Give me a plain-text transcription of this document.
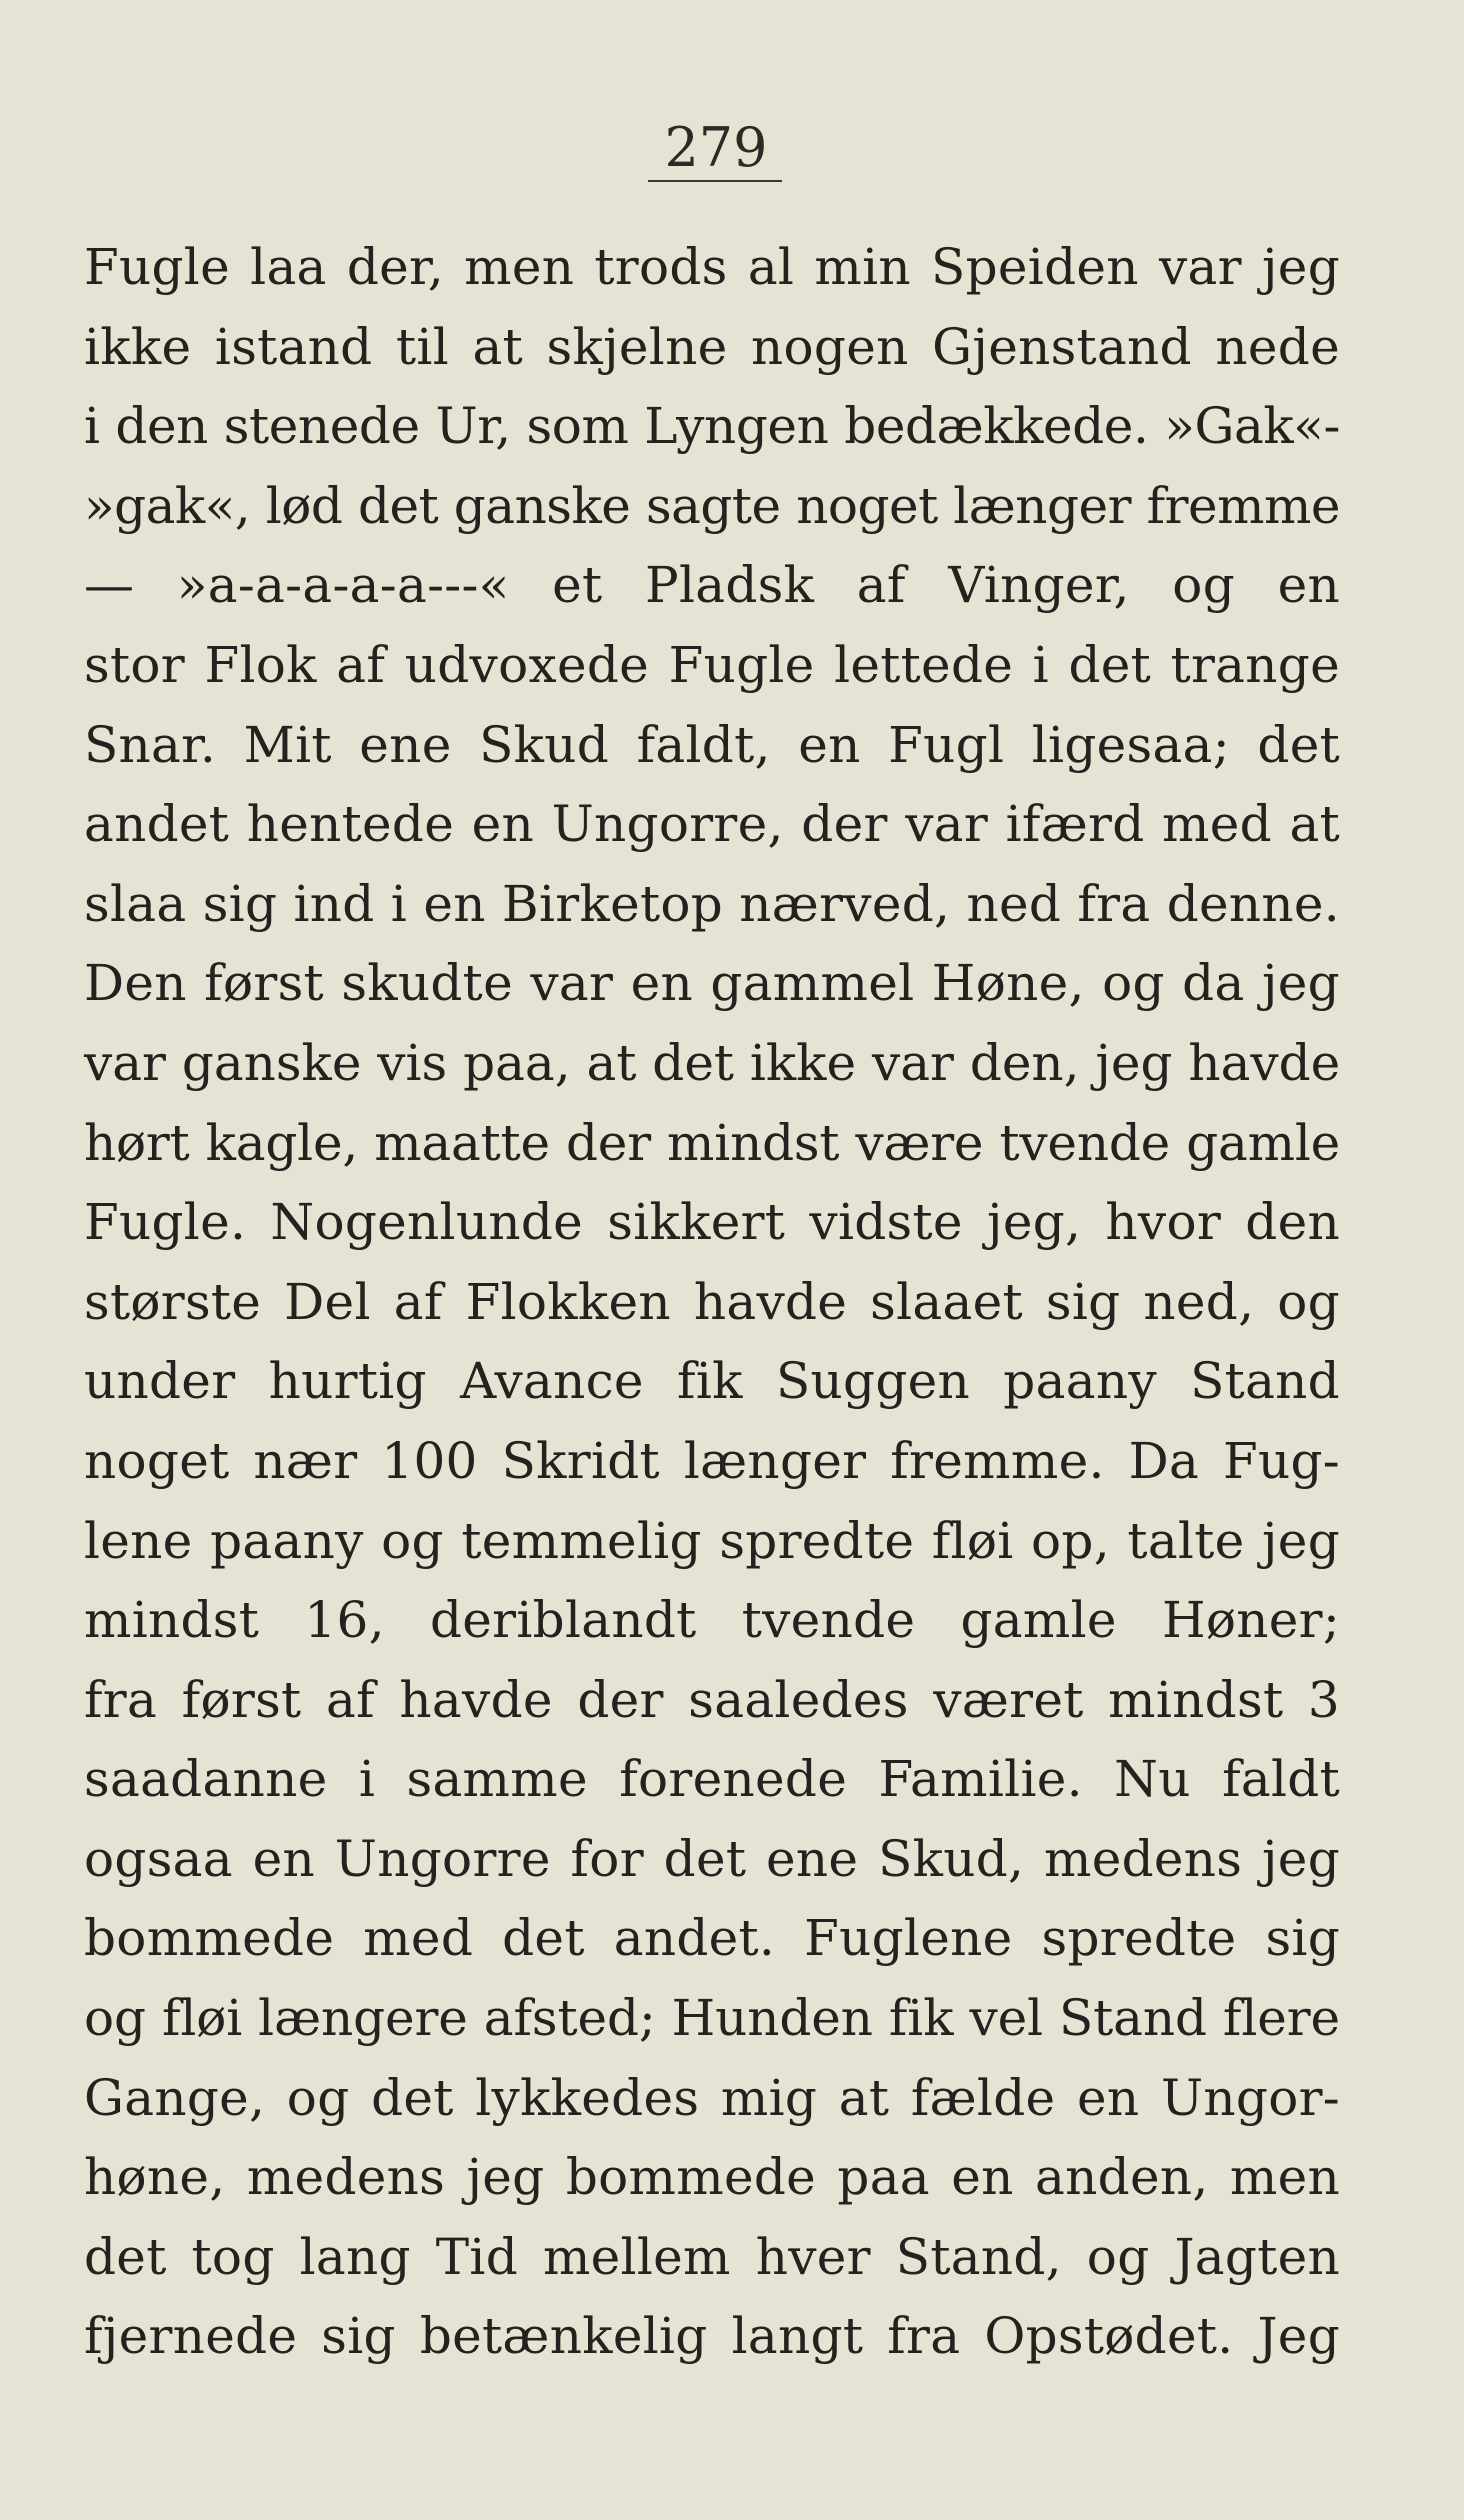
279
Fugle laa der, men trods al min Speiden var jeg
ikke istand til at skjelne nogen Gjenstand nede
i den stenede Ur, som Lyngen bedækkede. »Gak«-
»gak«, lød det ganske sagte noget længer fremme
— »a-a-a-a-a---« et Pladsk af Vinger, og en
stor Flok af udvoxede Fugle lettede i det trange
Snar. Mit ene Skud faldt, en Fugl ligesaa; det
andet hentede en Ungorre, der var ifærd med at
slaa sig ind i en Birketop nærved, ned fra denne.
Den først skudte var en gammel Høne, og da jeg
var ganske vis paa, at det ikke var den, jeg havde
hørt kagle, maatte der mindst være tvende gamle
Fugle. Nogenlunde sikkert vidste jeg, hvor den
største Del af Flokken havde slaaet sig ned, og
under hurtig Avance fik Suggen paany Stand
noget nær 100 Skridt længer fremme. Da Fug-
lene paany og temmelig spredte fløi op, talte jeg
mindst 16, deriblandt tvende gamle Høner;
fra først af havde der saaledes været mindst 3
saadanne i samme forenede Familie. Nu faldt
ogsaa en Ungorre for det ene Skud, medens jeg
bommede med det andet. Fuglene spredte sig
og fløi længere afsted; Hunden fik vel Stand flere
Gange, og det lykkedes mig at fælde en Ungor-
høne, medens jeg bommede paa en anden, men
det tog lang Tid mellem hver Stand, og Jagten
fjernede sig betænkelig langt fra Opstødet. Jeg
